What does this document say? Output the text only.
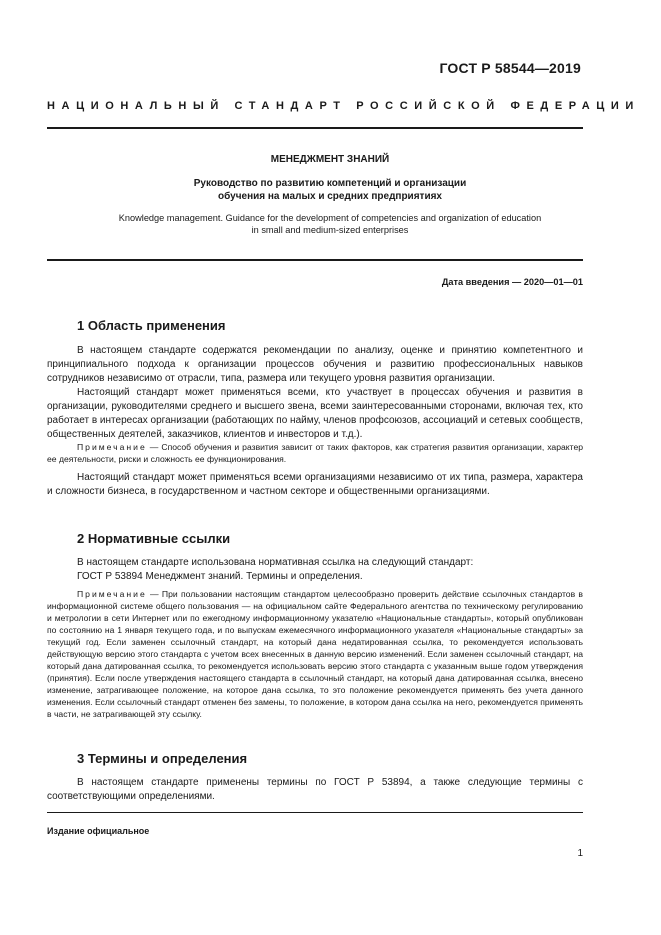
ГОСТ Р 58544—2019
НАЦИОНАЛЬНЫЙ СТАНДАРТ РОССИЙСКОЙ ФЕДЕРАЦИИ
МЕНЕДЖМЕНТ ЗНАНИЙ
Руководство по развитию компетенций и организации
обучения на малых и средних предприятиях
Knowledge management. Guidance for the development of competencies and organization of education
in small and medium-sized enterprises
Дата введения — 2020—01—01
1 Область применения
В настоящем стандарте содержатся рекомендации по анализу, оценке и принятию компетентного и принципиального подхода к организации процессов обучения и развитию профессиональных навыков сотрудников независимо от отрасли, типа, размера или текущего уровня развития организации.
Настоящий стандарт может применяться всеми, кто участвует в процессах обучения и развития в организации, руководителями среднего и высшего звена, всеми заинтересованными сторонами, включая тех, кто работает в интересах организации (работающих по найму, членов профсоюзов, ассоциаций и сетевых сообществ, общественных деятелей, заказчиков, клиентов и инвесторов и т.д.).
Примечание — Способ обучения и развития зависит от таких факторов, как стратегия развития организации, характер ее деятельности, риски и сложность ее функционирования.
Настоящий стандарт может применяться всеми организациями независимо от их типа, размера, характера и сложности бизнеса, в государственном и частном секторе и общественными организациями.
2 Нормативные ссылки
В настоящем стандарте использована нормативная ссылка на следующий стандарт:
ГОСТ Р 53894 Менеджмент знаний. Термины и определения.
Примечание — При пользовании настоящим стандартом целесообразно проверить действие ссылочных стандартов в информационной системе общего пользования — на официальном сайте Федерального агентства по техническому регулированию и метрологии в сети Интернет или по ежегодному информационному указателю «Национальные стандарты», который опубликован по состоянию на 1 января текущего года, и по выпускам ежемесячного информационного указателя «Национальные стандарты» за текущий год. Если заменен ссылочный стандарт, на который дана недатированная ссылка, то рекомендуется использовать действующую версию этого стандарта с учетом всех внесенных в данную версию изменений. Если заменен ссылочный стандарт, на который дана датированная ссылка, то рекомендуется использовать версию этого стандарта с указанным выше годом утверждения (принятия). Если после утверждения настоящего стандарта в ссылочный стандарт, на который дана датированная ссылка, внесено изменение, затрагивающее положение, на которое дана ссылка, то это положение рекомендуется применять без учета данного изменения. Если ссылочный стандарт отменен без замены, то положение, в котором дана ссылка на него, рекомендуется применять в части, не затрагивающей эту ссылку.
3 Термины и определения
В настоящем стандарте применены термины по ГОСТ Р 53894, а также следующие термины с соответствующими определениями.
Издание официальное
1
